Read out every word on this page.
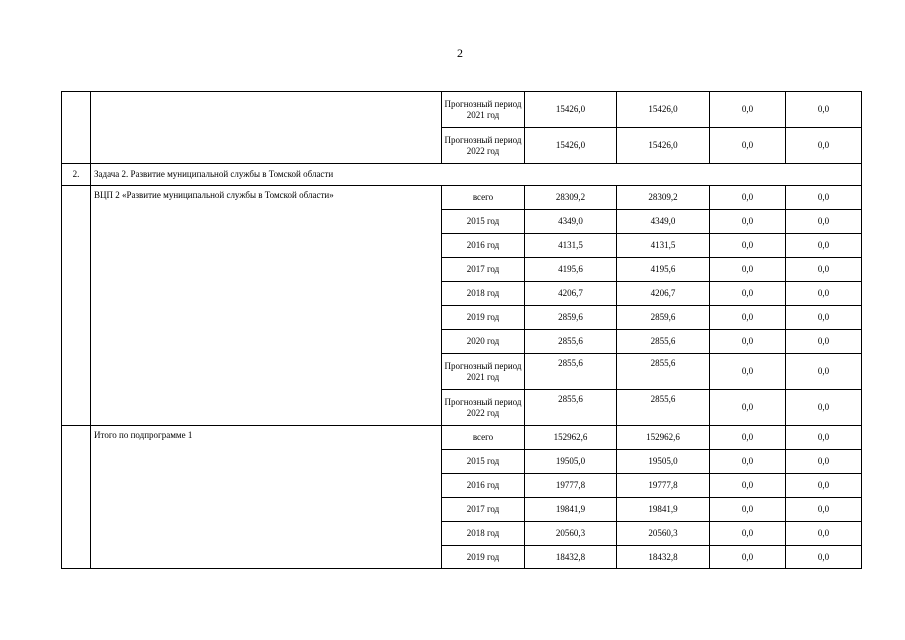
2
		Прогнозный период 2021 год	15426,0	15426,0	0,0	0,0
		Прогнозный период 2022 год	15426,0	15426,0	0,0	0,0
2.	Задача 2. Развитие муниципальной службы в Томской области					
	ВЦП 2 «Развитие муниципальной службы в Томской области»	всего	28309,2	28309,2	0,0	0,0
		2015 год	4349,0	4349,0	0,0	0,0
		2016 год	4131,5	4131,5	0,0	0,0
		2017 год	4195,6	4195,6	0,0	0,0
		2018 год	4206,7	4206,7	0,0	0,0
		2019 год	2859,6	2859,6	0,0	0,0
		2020 год	2855,6	2855,6	0,0	0,0
		Прогнозный период 2021 год	2855,6	2855,6	0,0	0,0
		Прогнозный период 2022 год	2855,6	2855,6	0,0	0,0
	Итого по подпрограмме 1	всего	152962,6	152962,6	0,0	0,0
		2015 год	19505,0	19505,0	0,0	0,0
		2016 год	19777,8	19777,8	0,0	0,0
		2017 год	19841,9	19841,9	0,0	0,0
		2018 год	20560,3	20560,3	0,0	0,0
		2019 год	18432,8	18432,8	0,0	0,0
